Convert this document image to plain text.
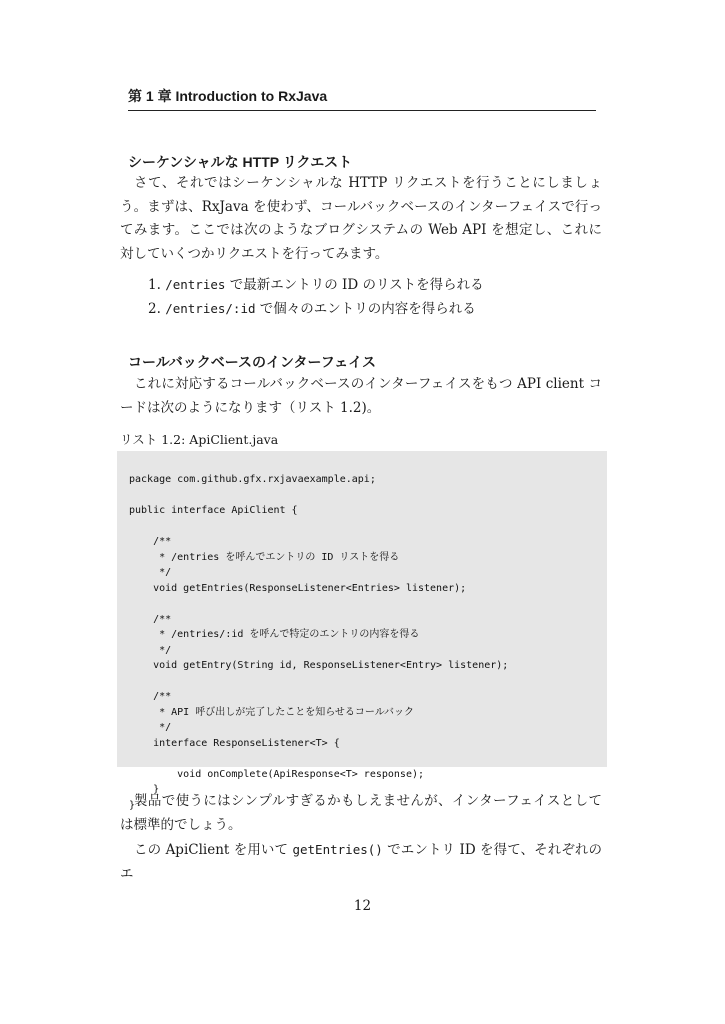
第 1 章 Introduction to RxJava
シーケンシャルな HTTP リクエスト

さて、それではシーケンシャルな HTTP リクエストを行うことにしましょう。まずは、RxJava を使わず、コールバックベースのインターフェイスで行ってみます。ここでは次のようなブログシステムの Web API を想定し、これに対していくつかリクエストを行ってみます。

1. /entries で最新エントリの ID のリストを得られる
2. /entries/:id で個々のエントリの内容を得られる
コールバックベースのインターフェイス

これに対応するコールバックベースのインターフェイスをもつ API client コードは次のようになります（リスト 1.2)。

リスト 1.2: ApiClient.java
package com.github.gfx.rxjavaexample.api;

public interface ApiClient {

/**
* /entries を呼んでエントリの ID リストを得る
*/
void getEntries(ResponseListener<Entries> listener);

/**
* /entries/:id を呼んで特定のエントリの内容を得る
*/
void getEntry(String id, ResponseListener<Entry> listener);

/**
* API 呼び出しが完了したことを知らせるコールバック
*/
interface ResponseListener<T> {

void onComplete(ApiResponse<T> response);
}
}

製品で使うにはシンプルすぎるかもしえませんが、インターフェイスとしては標準的でしょう。

この ApiClient を用いて getEntries() でエントリ ID を得て、それぞれのエ

12
